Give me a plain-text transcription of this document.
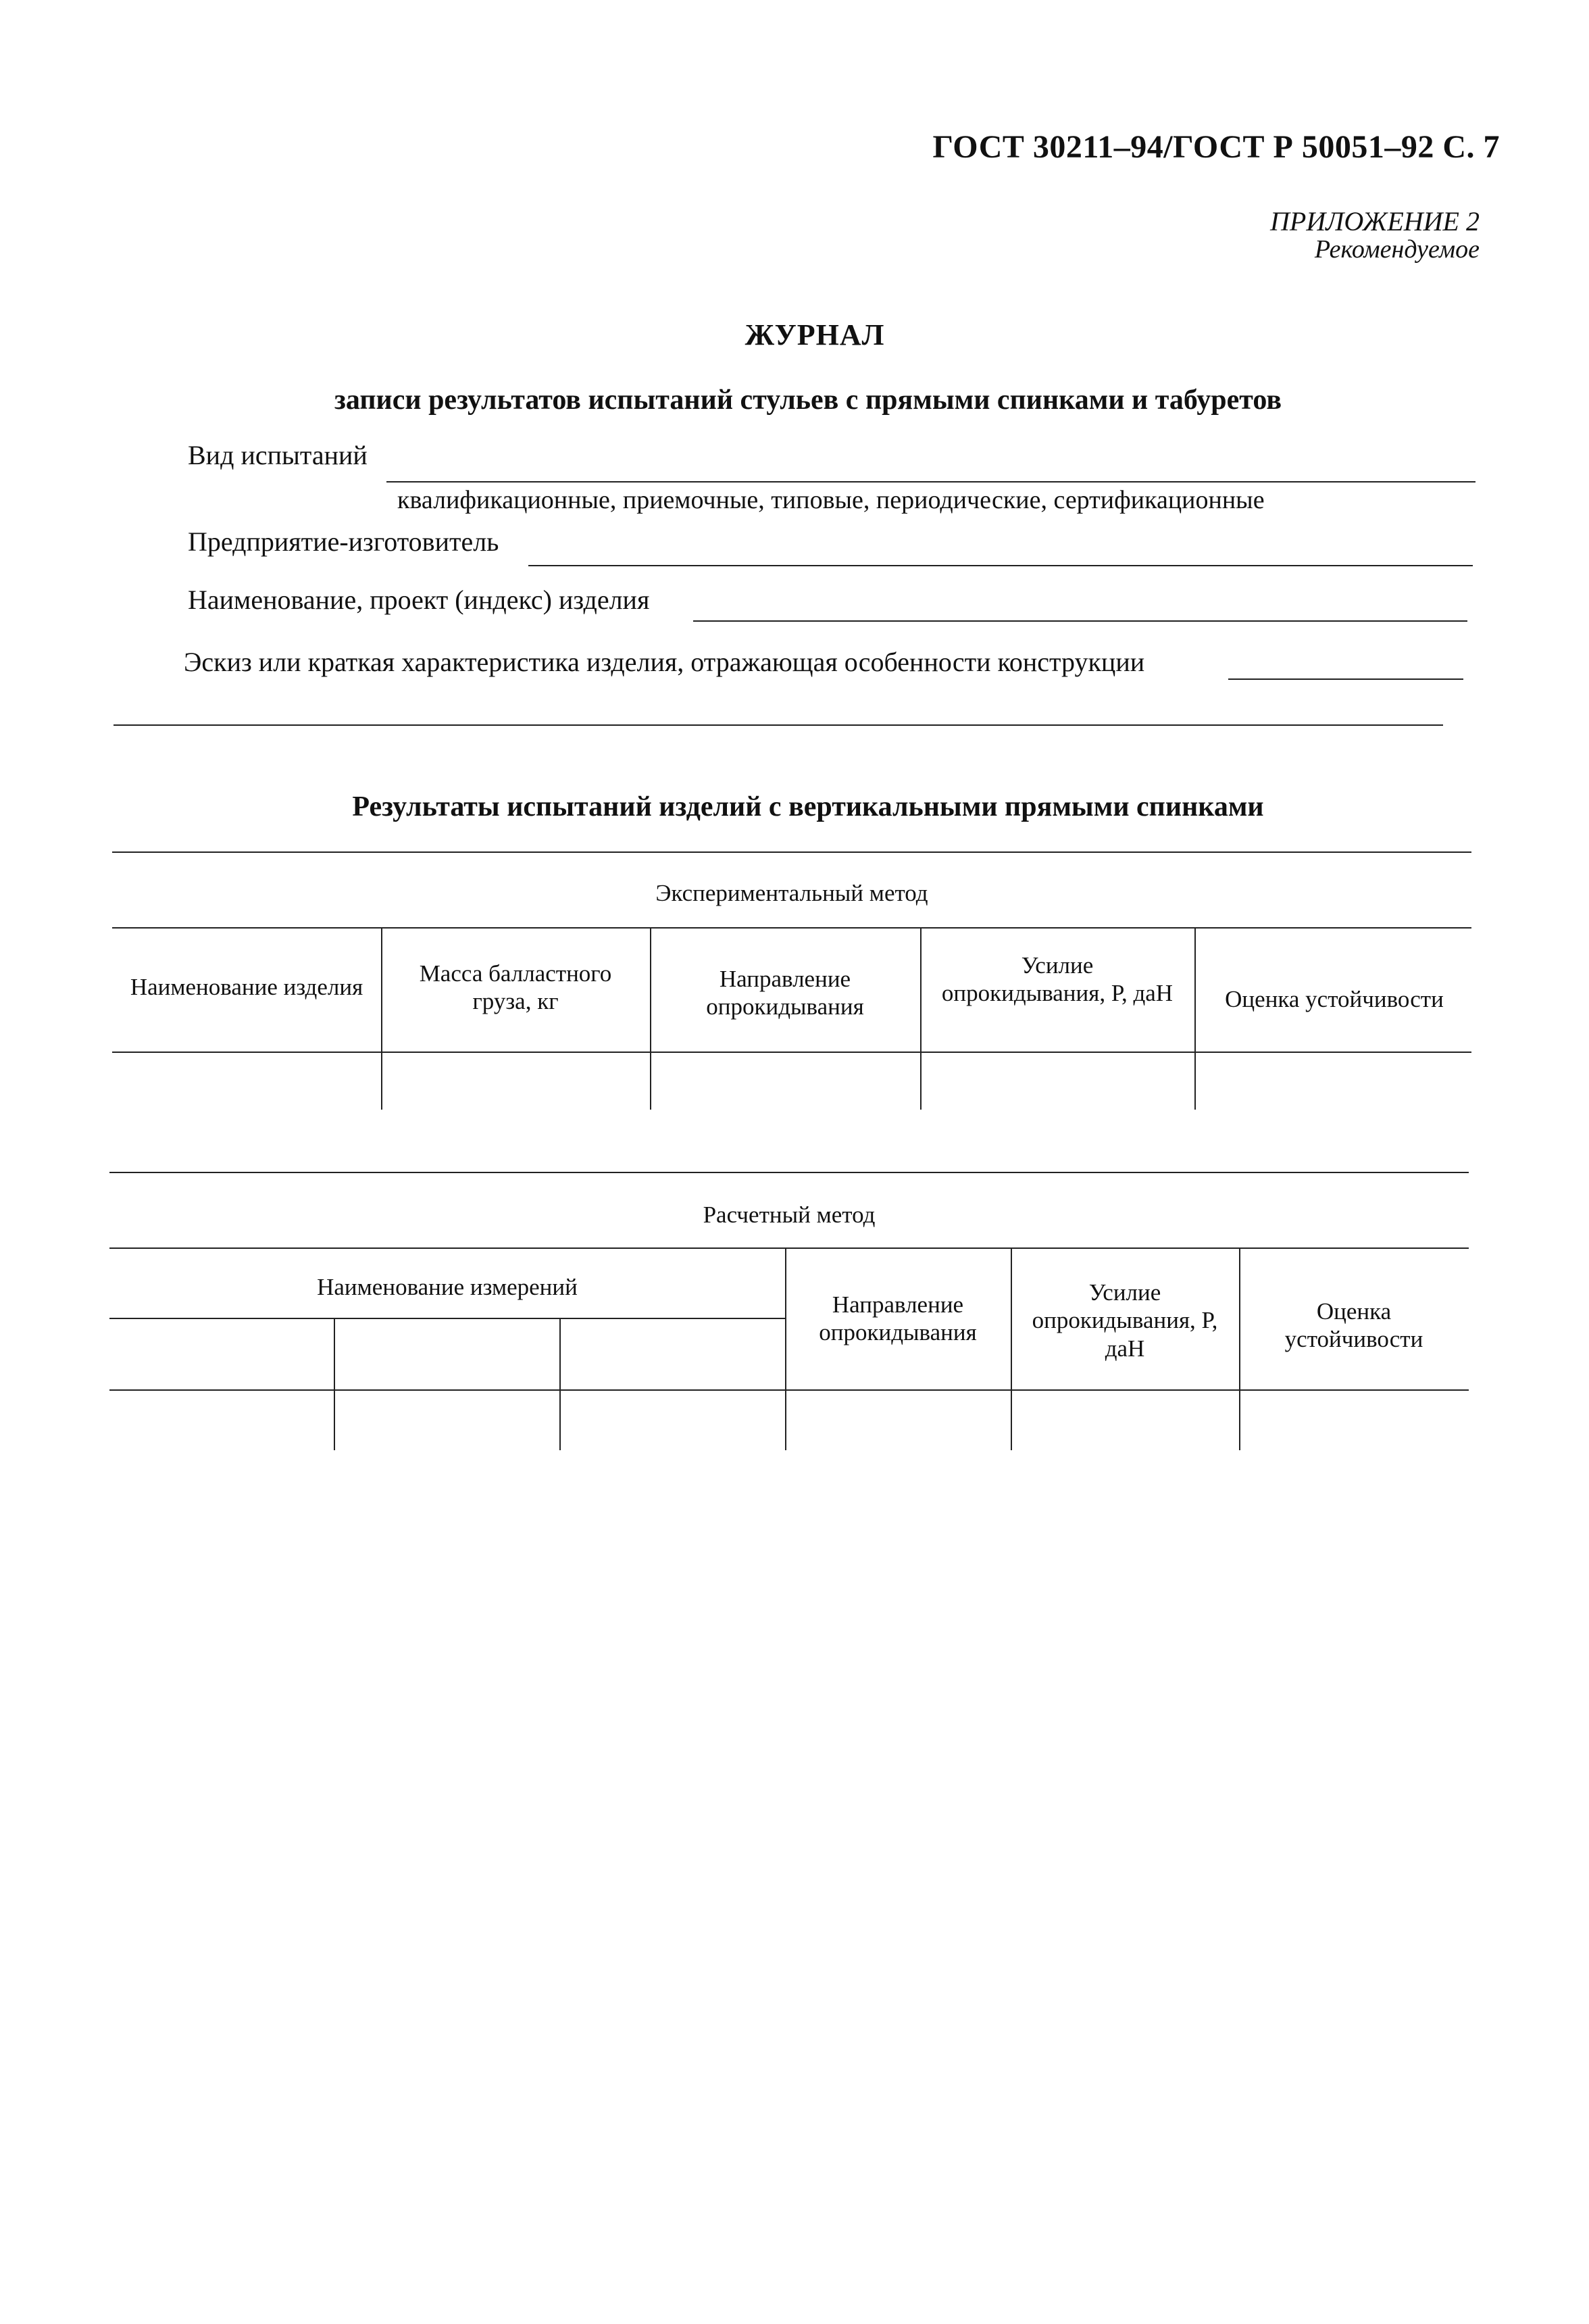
ГОСТ 30211–94/ГОСТ Р 50051–92 С. 7
ПРИЛОЖЕНИЕ 2
Рекомендуемое
ЖУРНАЛ
записи результатов испытаний стульев с прямыми спинками и табуретов
Вид испытаний
квалификационные, приемочные, типовые, периодические, сертификационные
Предприятие-изготовитель
Наименование, проект (индекс) изделия
Эскиз или краткая характеристика изделия, отражающая особенности конструкции
Результаты испытаний изделий с вертикальными прямыми спинками
Экспериментальный метод
Наименование изделия
Масса балластного груза, кг
Направление опрокидывания
Усилие опрокидывания, Р, даН	Оценка устойчивости
Расчетный метод
Наименование измерений
Направление опрокидывания
Усилие опрокидывания, Р, даН
Оценка устойчивости
